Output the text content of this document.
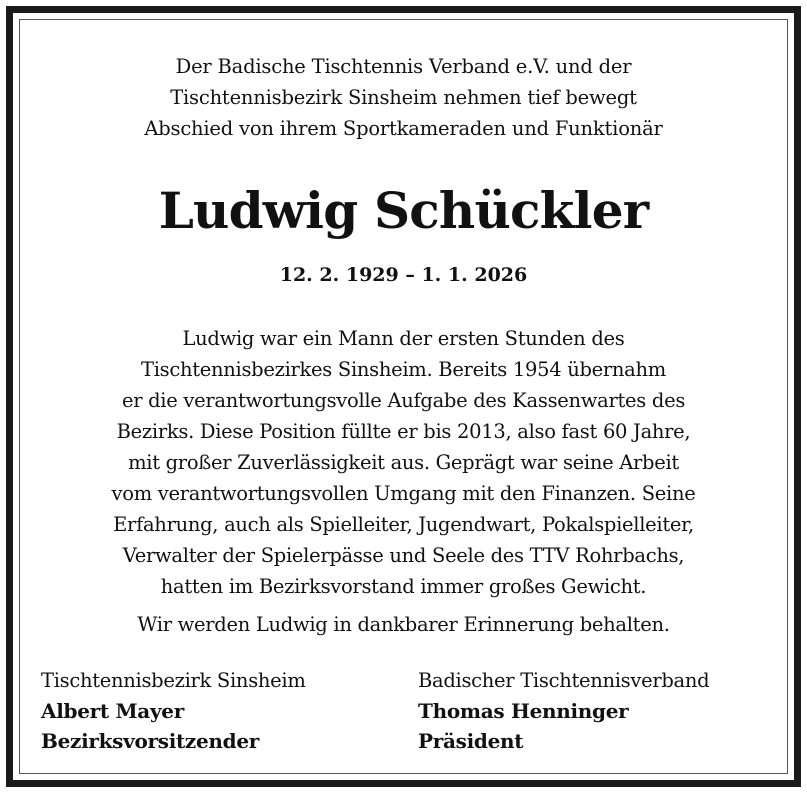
Der Badische Tischtennis Verband e.V. und der
Tischtennisbezirk Sinsheim nehmen tief bewegt
Abschied von ihrem Sportkameraden und Funktionär
Ludwig Schückler
12. 2. 1929 – 1. 1. 2026
Ludwig war ein Mann der ersten Stunden des
Tischtennisbezirkes Sinsheim. Bereits 1954 übernahm
er die verantwortungsvolle Aufgabe des Kassenwartes des
Bezirks. Diese Position füllte er bis 2013, also fast 60 Jahre,
mit großer Zuverlässigkeit aus. Geprägt war seine Arbeit
vom verantwortungsvollen Umgang mit den Finanzen. Seine
Erfahrung, auch als Spielleiter, Jugendwart, Pokalspielleiter,
Verwalter der Spielerpässe und Seele des TTV Rohrbachs,
hatten im Bezirksvorstand immer großes Gewicht.
Wir werden Ludwig in dankbarer Erinnerung behalten.
Tischtennisbezirk Sinsheim
Albert Mayer
Bezirksvorsitzender
Badischer Tischtennisverband
Thomas Henninger
Präsident
